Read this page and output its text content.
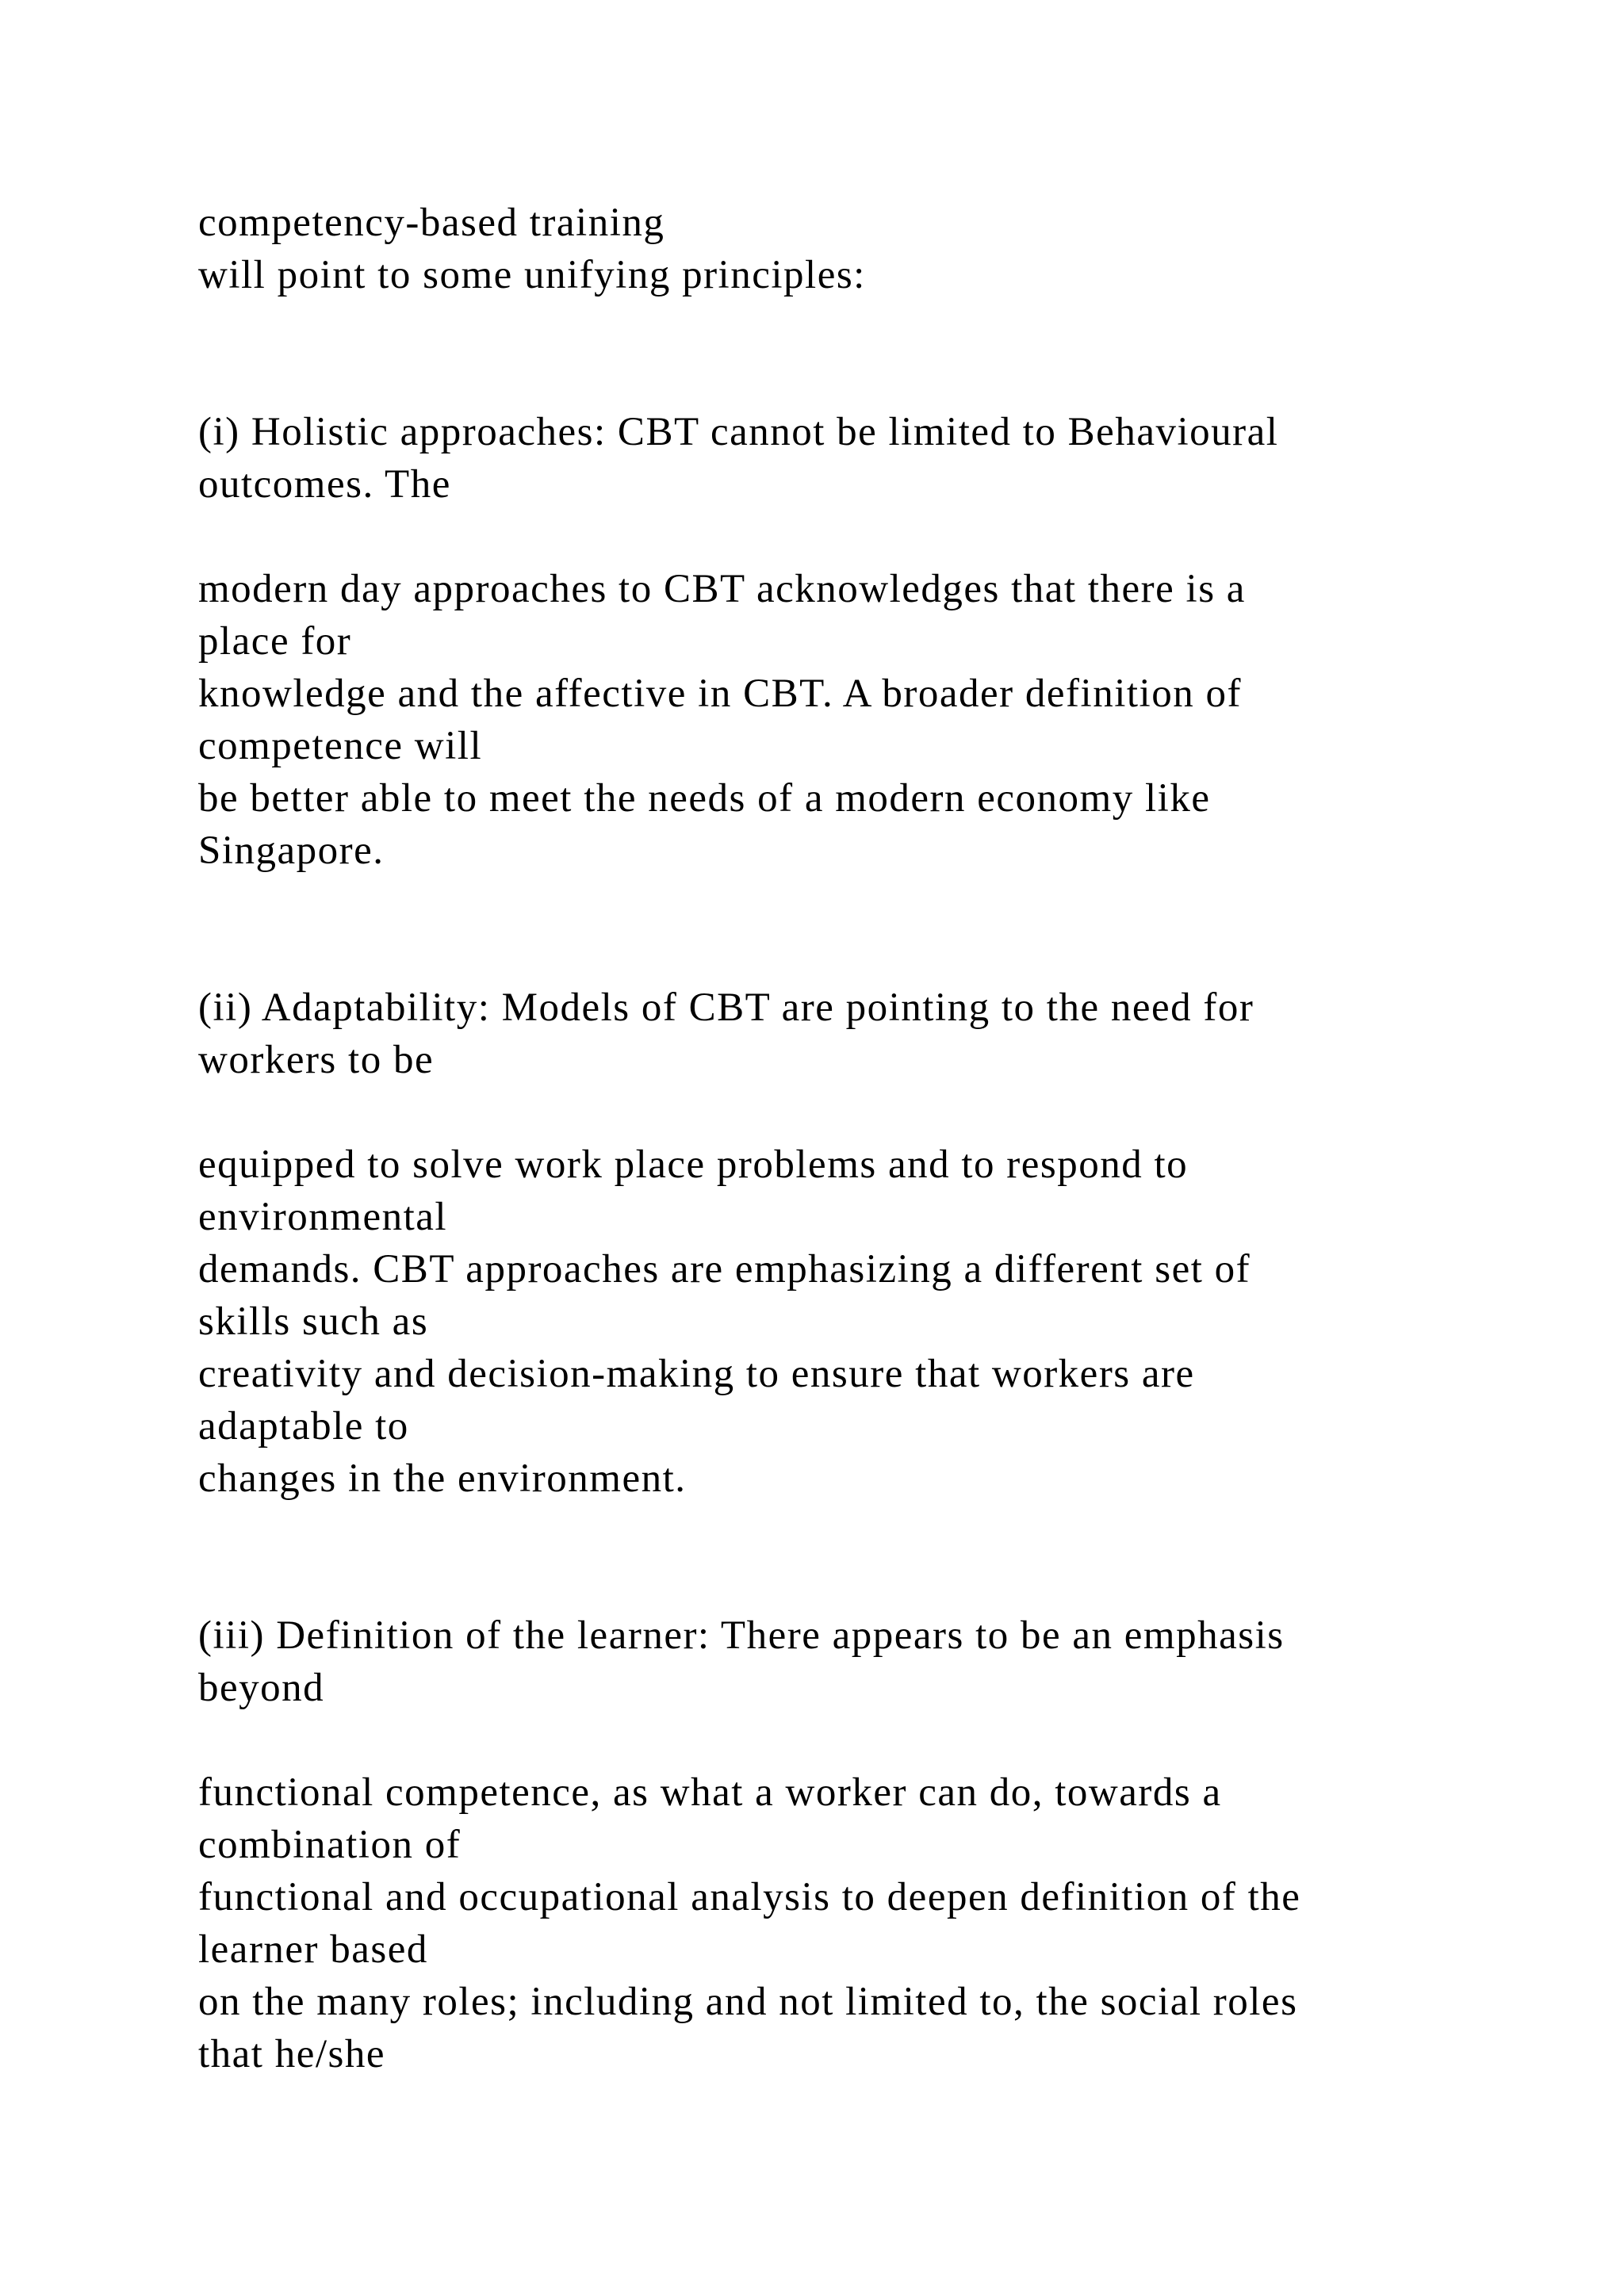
competency-based training

will point to some unifying principles:

(i) Holistic approaches: CBT cannot be limited to Behavioural

outcomes. The

modern day approaches to CBT acknowledges that there is a

place for

knowledge and the affective in CBT. A broader definition of

competence will

be better able to meet the needs of a modern economy like

Singapore.

(ii) Adaptability: Models of CBT are pointing to the need for

workers to be

equipped to solve work place problems and to respond to

environmental

demands. CBT approaches are emphasizing a different set of

skills such as

creativity and decision-making to ensure that workers are

adaptable to

changes in the environment.

(iii) Definition of the learner: There appears to be an emphasis

beyond

functional competence, as what a worker can do, towards a

combination of

functional and occupational analysis to deepen definition of the

learner based

on the many roles; including and not limited to, the social roles

that he/she
